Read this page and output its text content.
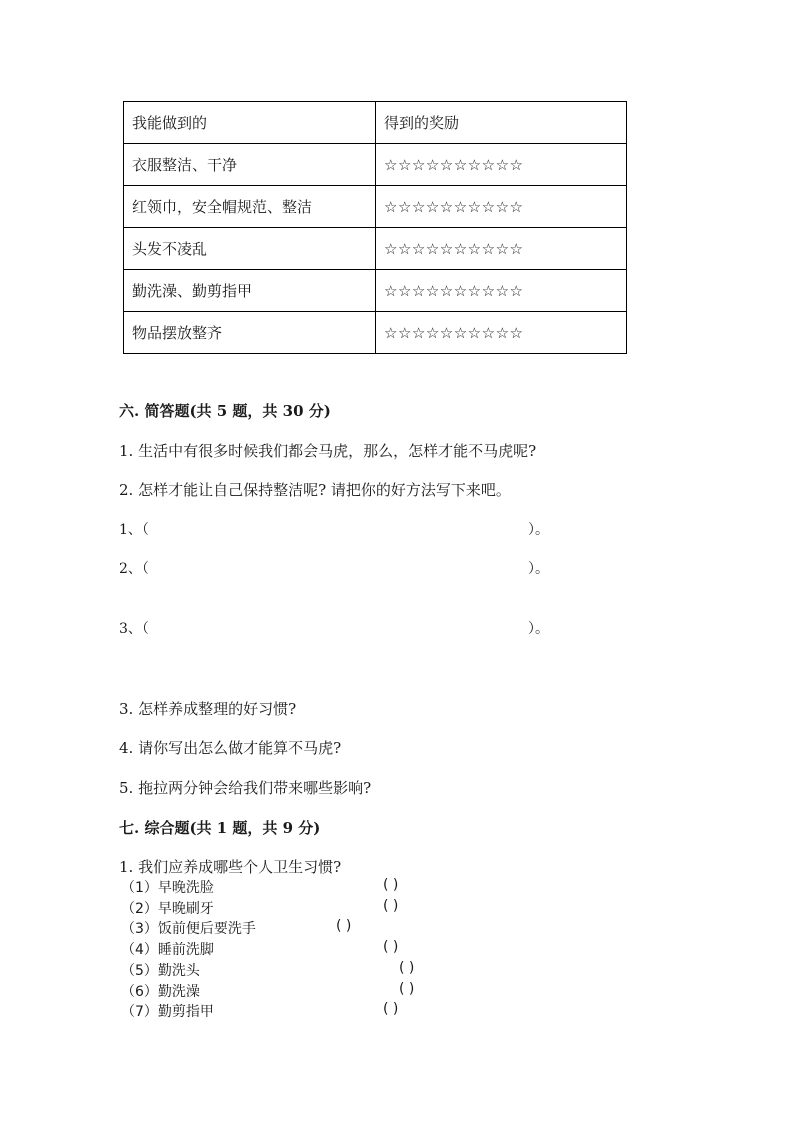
我能做到的	得到的奖励
衣服整洁、干净	☆☆☆☆☆☆☆☆☆☆
红领巾，安全帽规范、整洁	☆☆☆☆☆☆☆☆☆☆
头发不凌乱	☆☆☆☆☆☆☆☆☆☆
勤洗澡、勤剪指甲	☆☆☆☆☆☆☆☆☆☆
物品摆放整齐	☆☆☆☆☆☆☆☆☆☆
六. 简答题(共 5 题，共 30 分)
1. 生活中有很多时候我们都会马虎，那么，怎样才能不马虎呢?
2. 怎样才能让自己保持整洁呢? 请把你的好方法写下来吧。
1、（	）。
2、（	）。
3、（	）。
3. 怎样养成整理的好习惯?
4. 请你写出怎么做才能算不马虎?
5. 拖拉两分钟会给我们带来哪些影响?
七. 综合题(共 1 题，共 9 分)
1. 我们应养成哪些个人卫生习惯?
（1）早晚洗脸	( )
（2）早晚刷牙	( )
（3）饭前便后要洗手	( )
（4）睡前洗脚	( )
（5）勤洗头	( )
（6）勤洗澡	( )
（7）勤剪指甲	( )
